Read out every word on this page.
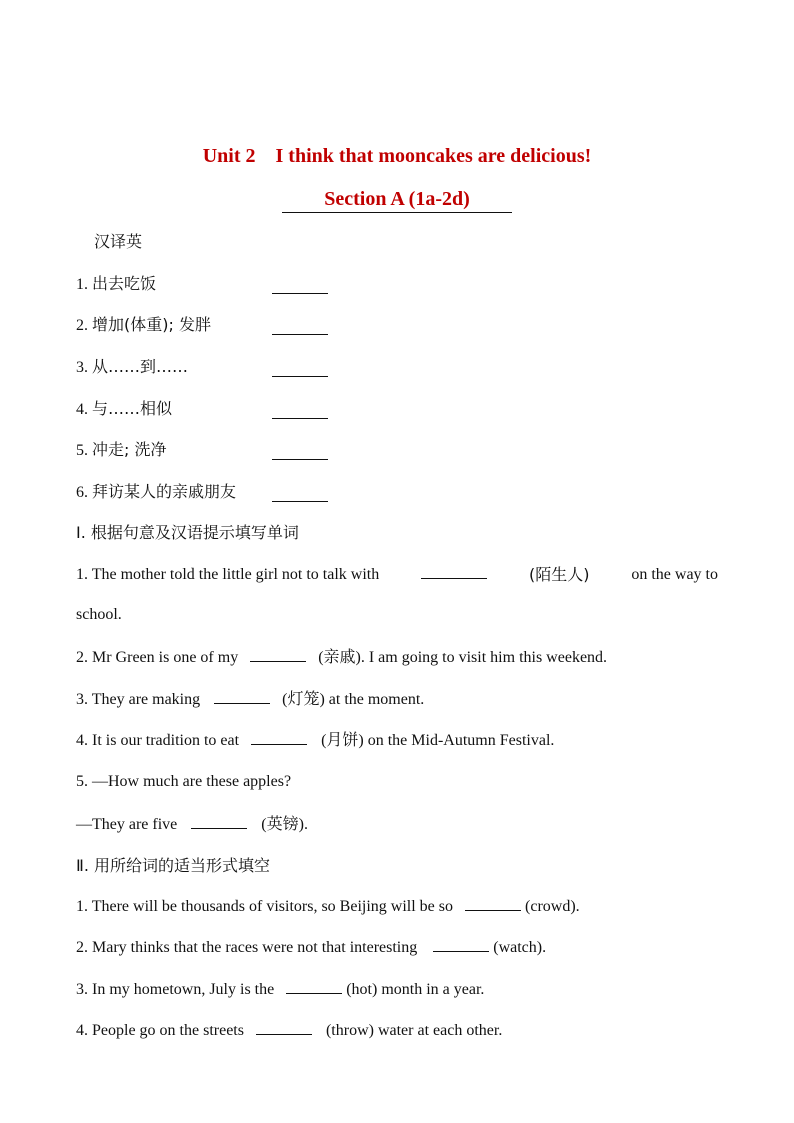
Unit 2    I think that mooncakes are delicious!
Section A (1a-2d)
汉译英
1. 出去吃饭
2. 增加(体重); 发胖
3. 从……到……
4. 与……相似
5. 冲走; 洗净
6. 拜访某人的亲戚朋友
Ⅰ. 根据句意及汉语提示填写单词
1. The mother told the little girl not to talk with	(陌生人)	on the way to
school.
2. Mr Green is one of my	(亲戚). I am going to visit him this weekend.
3. They are making	(灯笼) at the moment.
4. It is our tradition to eat	(月饼) on the Mid-Autumn Festival.
5. —How much are these apples?
—They are five	(英镑).
Ⅱ. 用所给词的适当形式填空
1. There will be thousands of visitors, so Beijing will be so	(crowd).
2. Mary thinks that the races were not that interesting	(watch).
3. In my hometown, July is the	(hot) month in a year.
4. People go on the streets	(throw) water at each other.
